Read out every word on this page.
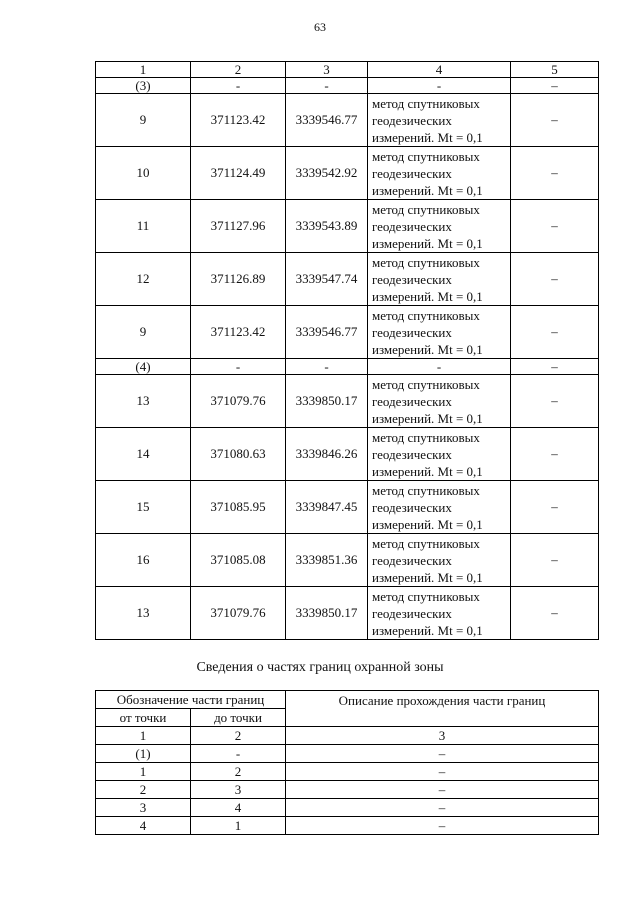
63
1	2	3	4	5
(3)	-	-	-	–
9	371123.42	3339546.77	метод спутниковых
геодезических
измерений. Mt = 0,1	–
10	371124.49	3339542.92	метод спутниковых
геодезических
измерений. Mt = 0,1	–
11	371127.96	3339543.89	метод спутниковых
геодезических
измерений. Mt = 0,1	–
12	371126.89	3339547.74	метод спутниковых
геодезических
измерений. Mt = 0,1	–
9	371123.42	3339546.77	метод спутниковых
геодезических
измерений. Mt = 0,1	–
(4)	-	-	-	–
13	371079.76	3339850.17	метод спутниковых
геодезических
измерений. Mt = 0,1	–
14	371080.63	3339846.26	метод спутниковых
геодезических
измерений. Mt = 0,1	–
15	371085.95	3339847.45	метод спутниковых
геодезических
измерений. Mt = 0,1	–
16	371085.08	3339851.36	метод спутниковых
геодезических
измерений. Mt = 0,1	–
13	371079.76	3339850.17	метод спутниковых
геодезических
измерений. Mt = 0,1	–
Сведения о частях границ охранной зоны
Обозначение части границ		Описание прохождения части границ
от точки	до точки	
1	2	3
(1)	-	–
1	2	–
2	3	–
3	4	–
4	1	–
